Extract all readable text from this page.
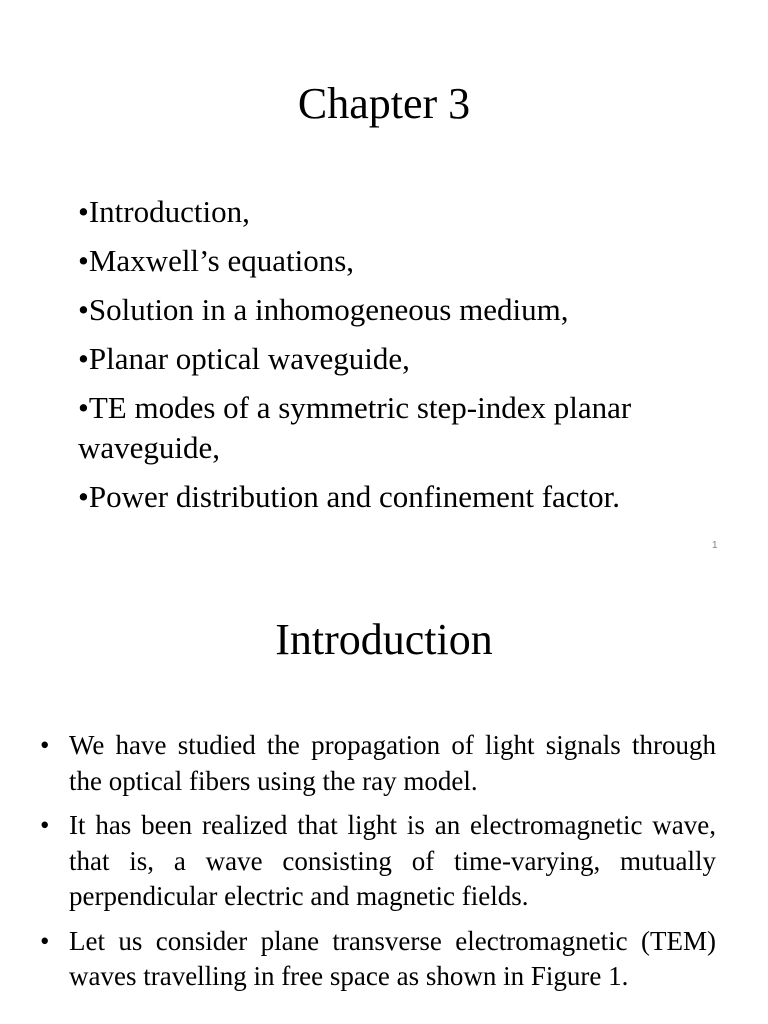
Chapter 3
•Introduction,
•Maxwell’s equations,
•Solution in a inhomogeneous medium,
•Planar optical waveguide,
•TE modes of a symmetric step-index planar waveguide,
•Power distribution and confinement factor.
1
Introduction
• We have studied the propagation of light signals through the optical fibers using the ray model.
• It has been realized that light is an electromagnetic wave, that is, a wave consisting of time-varying, mutually perpendicular electric and magnetic fields.
• Let us consider plane transverse electromagnetic (TEM) waves travelling in free space as shown in Figure 1.
